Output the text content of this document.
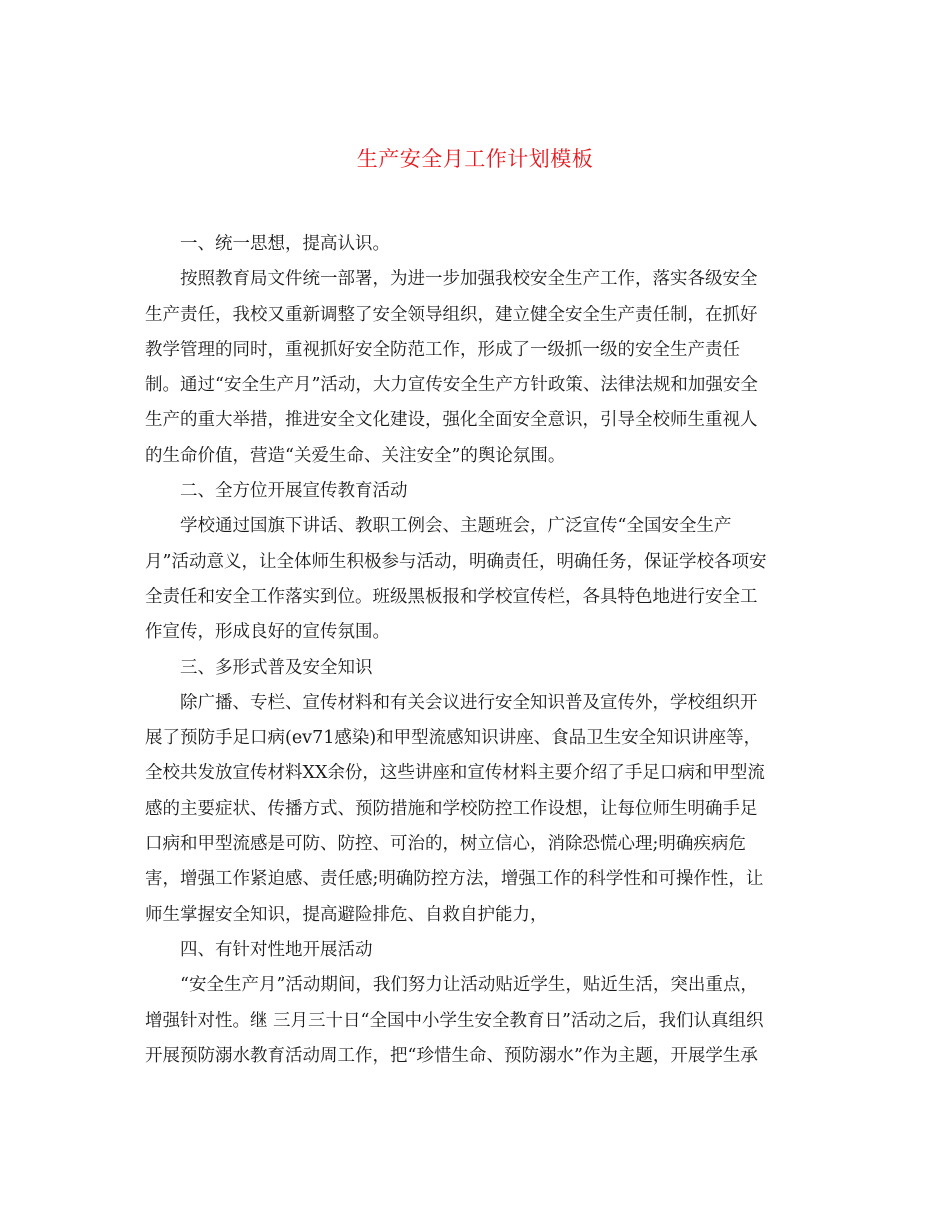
生产安全月工作计划模板
一、统一思想，提高认识。
按照教育局文件统一部署，为进一步加强我校安全生产工作，落实各级安全
生产责任，我校又重新调整了安全领导组织，建立健全安全生产责任制，在抓好
教学管理的同时，重视抓好安全防范工作，形成了一级抓一级的安全生产责任
制。通过“安全生产月”活动，大力宣传安全生产方针政策、法律法规和加强安全
生产的重大举措，推进安全文化建设，强化全面安全意识，引导全校师生重视人
的生命价值，营造“关爱生命、关注安全”的舆论氛围。
二、全方位开展宣传教育活动
学校通过国旗下讲话、教职工例会、主题班会，广泛宣传“全国安全生产
月”活动意义，让全体师生积极参与活动，明确责任，明确任务，保证学校各项安
全责任和安全工作落实到位。班级黑板报和学校宣传栏，各具特色地进行安全工
作宣传，形成良好的宣传氛围。
三、多形式普及安全知识
除广播、专栏、宣传材料和有关会议进行安全知识普及宣传外，学校组织开
展了预防手足口病(ev71感染)和甲型流感知识讲座、食品卫生安全知识讲座等，
全校共发放宣传材料XX余份，这些讲座和宣传材料主要介绍了手足口病和甲型流
感的主要症状、传播方式、预防措施和学校防控工作设想，让每位师生明确手足
口病和甲型流感是可防、防控、可治的，树立信心，消除恐慌心理;明确疾病危
害，增强工作紧迫感、责任感;明确防控方法，增强工作的科学性和可操作性，让
师生掌握安全知识，提高避险排危、自救自护能力，
四、有针对性地开展活动
“安全生产月”活动期间，我们努力让活动贴近学生，贴近生活，突出重点，
增强针对性。继 三月三十日“全国中小学生安全教育日”活动之后，我们认真组织
开展预防溺水教育活动周工作，把“珍惜生命、预防溺水”作为主题，开展学生承
